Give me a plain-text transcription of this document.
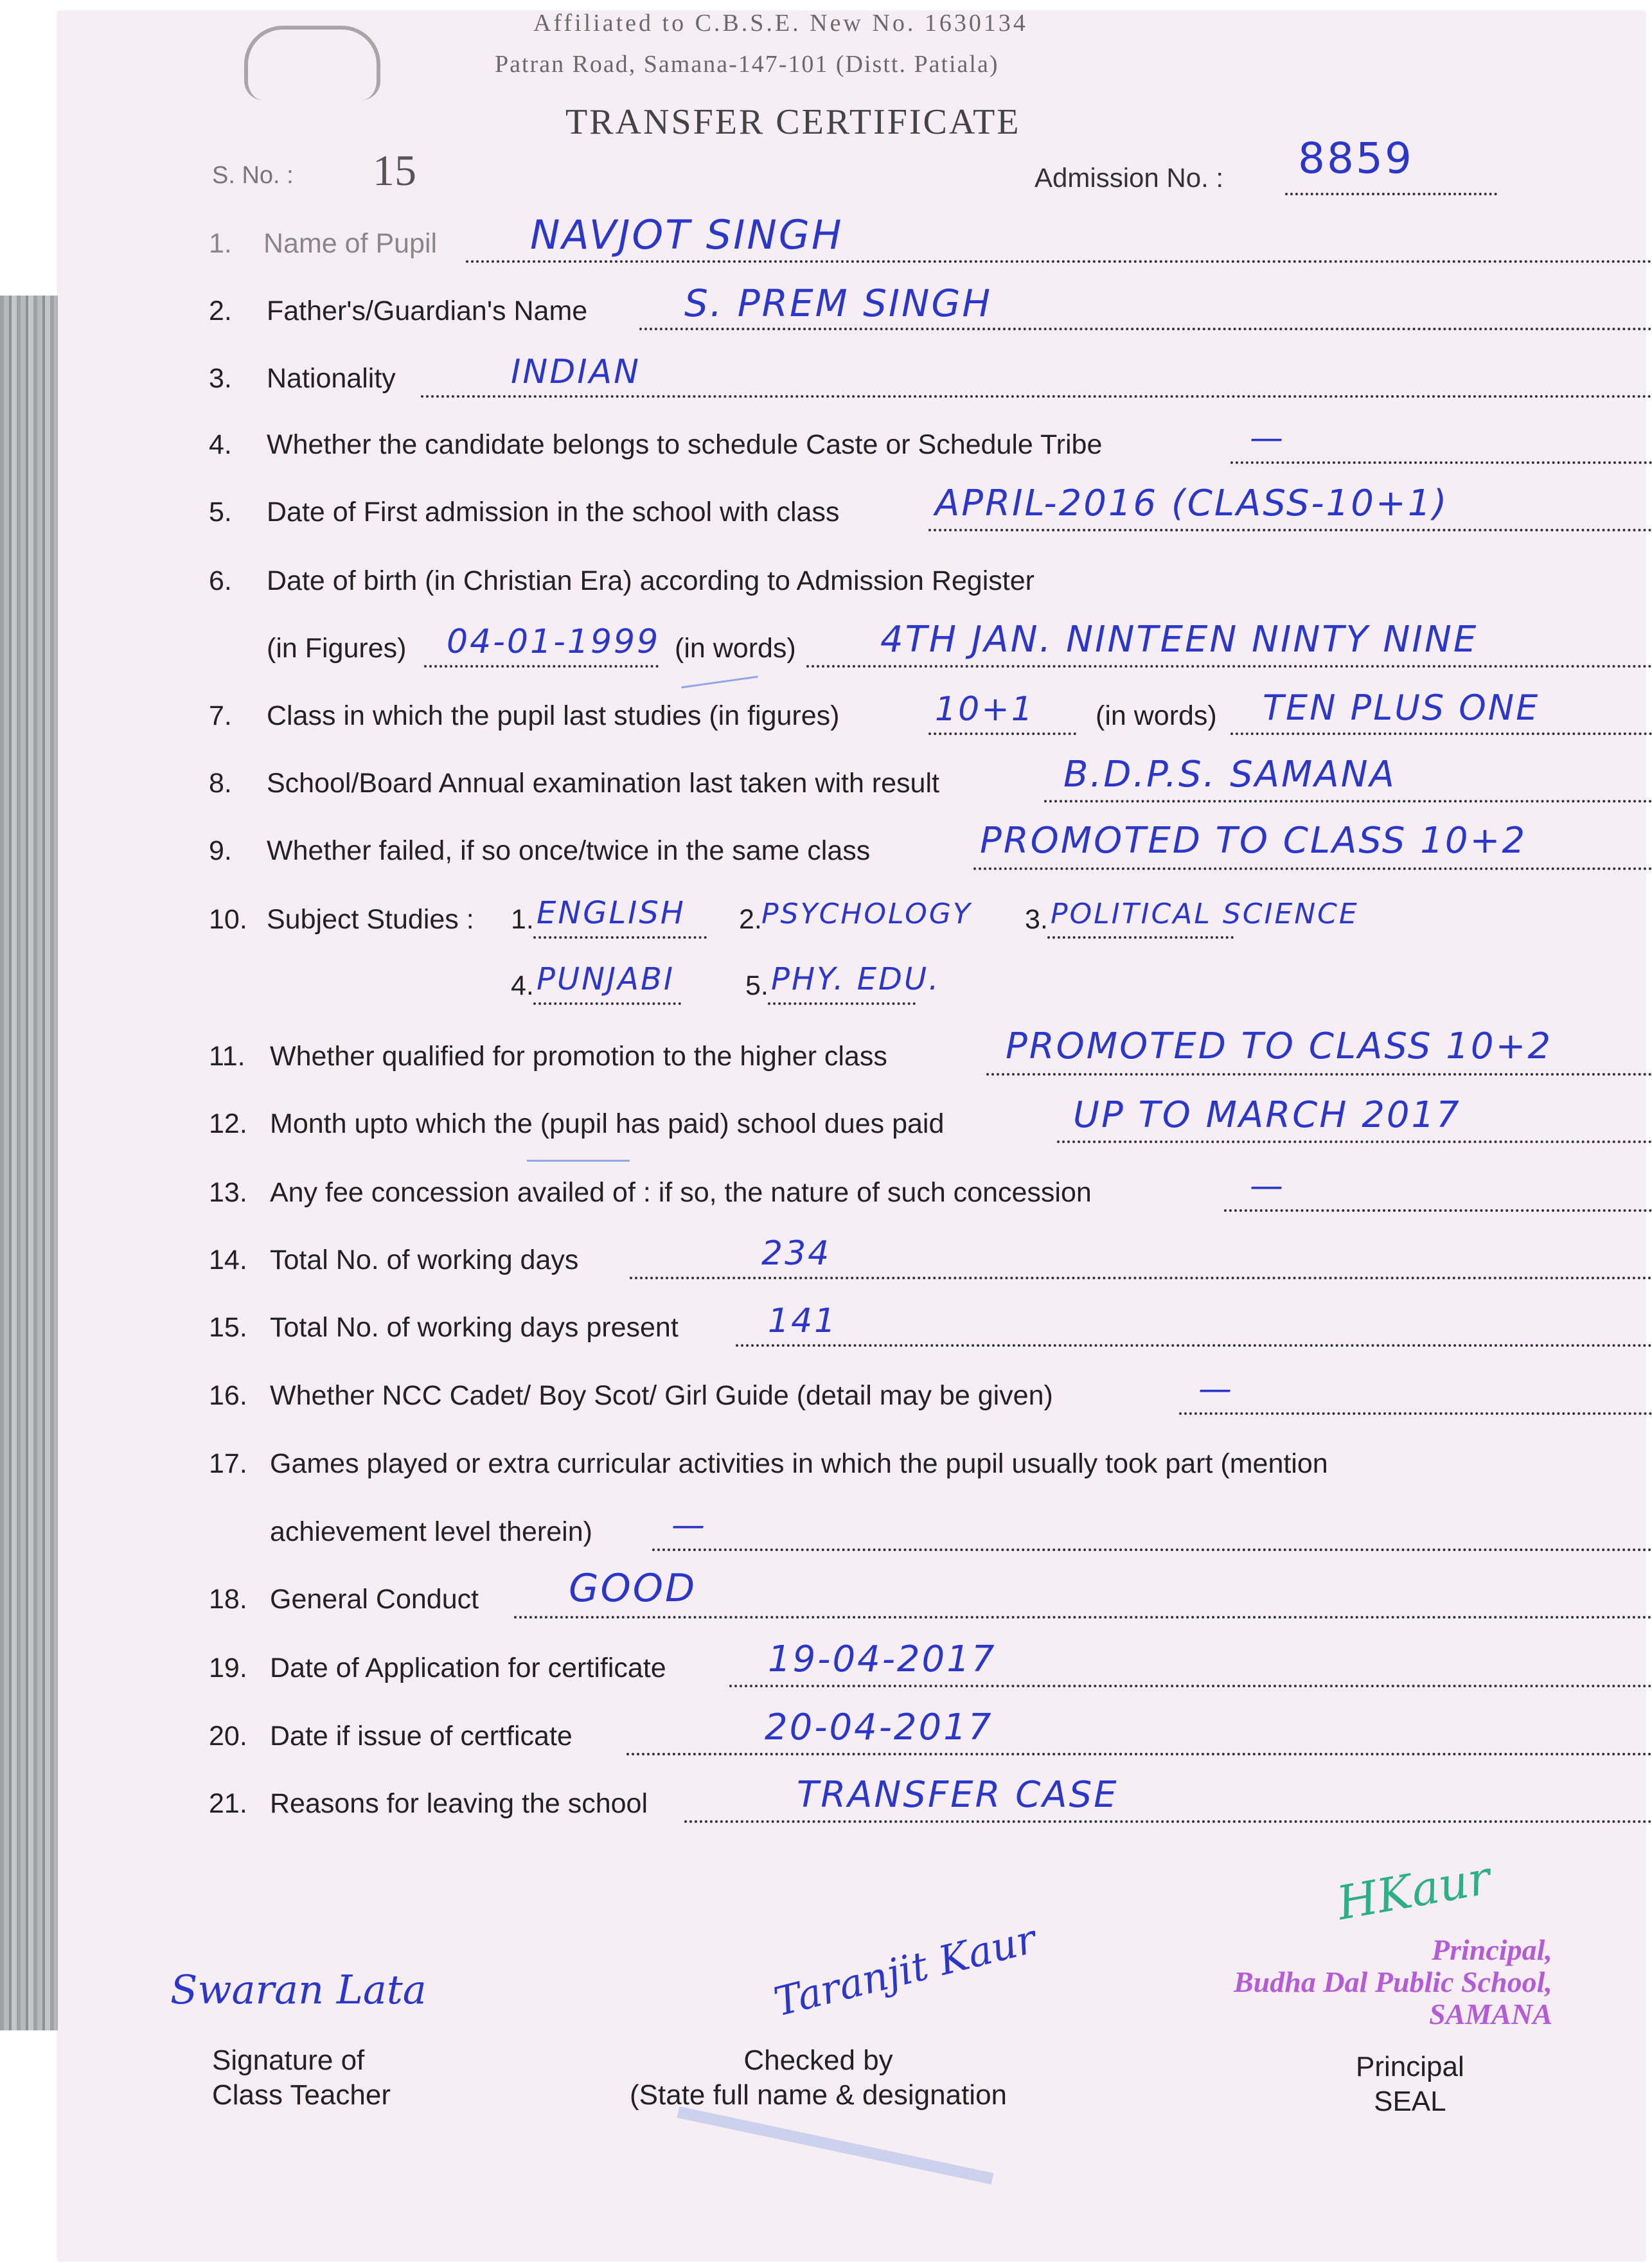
Affiliated to C.B.S.E. New No. 1630134
Patran Road, Samana-147-101 (Distt. Patiala)
TRANSFER CERTIFICATE
S. No. : 15	Admission No. : 8859
1. Name of Pupil NAVJOT SINGH
2. Father's/Guardian's Name	S. PREM SINGH
3. Nationality	INDIAN
4. Whether the candidate belongs to schedule Caste or Schedule Tribe	—
5. Date of First admission in the school with class	APRIL-2016 (CLASS-10+1)
6. Date of birth (in Christian Era) according to Admission Register
(in Figures) 04-01-1999 (in words) 4TH JAN. NINTEEN NINTY NINE
7. Class in which the pupil last studies (in figures)	10+1 (in words) TEN PLUS ONE
8. School/Board Annual examination last taken with result	B.D.P.S. SAMANA
9. Whether failed, if so once/twice in the same class	PROMOTED TO CLASS 10+2
10. Subject Studies : 1. ENGLISH 2. PSYCHOLOGY 3. POLITICAL SCIENCE
4. PUNJABI	5. PHY. EDU.
11. Whether qualified for promotion to the higher class	PROMOTED TO CLASS 10+2
12. Month upto which the (pupil has paid) school dues paid	UP TO MARCH 2017
13. Any fee concession availed of : if so, the nature of such concession	—
14. Total No. of working days	234
15. Total No. of working days present	141
16. Whether NCC Cadet/ Boy Scot/ Girl Guide (detail may be given)	—
17. Games played or extra curricular activities in which the pupil usually took part (mention
achievement level therein) —
18. General Conduct GOOD
19. Date of Application for certificate	19-04-2017
20. Date if issue of certficate	20-04-2017
21. Reasons for leaving the school	TRANSFER CASE
Swaran Lata
Signature of
Class Teacher
Taranjit Kaur
Checked by
(State full name & designation
HKaur
Principal,
Budha Dal Public School,
SAMANA
Principal
SEAL
